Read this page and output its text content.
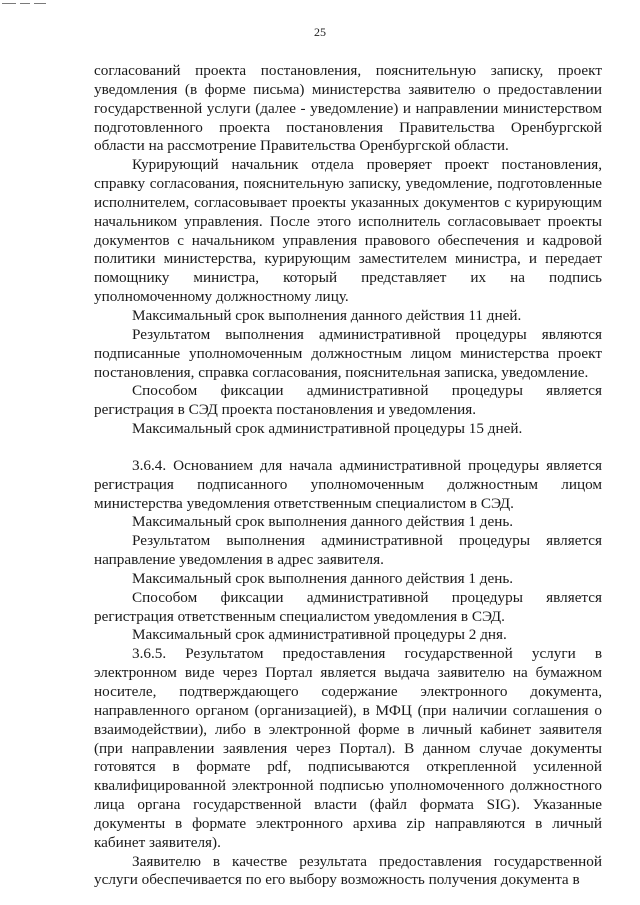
25

согласований проекта постановления, пояснительную записку, проект уведомления (в форме письма) министерства заявителю о предоставлении государственной услуги (далее - уведомление) и направлении министерством подготовленного проекта постановления Правительства Оренбургской области на рассмотрение Правительства Оренбургской области.

Курирующий начальник отдела проверяет проект постановления, справку согласования, пояснительную записку, уведомление, подготовленные исполнителем, согласовывает проекты указанных документов с курирующим начальником управления. После этого исполнитель согласовывает проекты документов с начальником управления правового обеспечения и кадровой политики министерства, курирующим заместителем министра, и передает помощнику министра, который представляет их на подпись уполномоченному должностному лицу.

Максимальный срок выполнения данного действия 11 дней.

Результатом выполнения административной процедуры являются подписанные уполномоченным должностным лицом министерства проект постановления, справка согласования, пояснительная записка, уведомление.

Способом фиксации административной процедуры является регистрация в СЭД проекта постановления и уведомления.

Максимальный срок административной процедуры 15 дней.

3.6.4. Основанием для начала административной процедуры является регистрация подписанного уполномоченным должностным лицом министерства уведомления ответственным специалистом в СЭД.

Максимальный срок выполнения данного действия 1 день.

Результатом выполнения административной процедуры является направление уведомления в адрес заявителя.

Максимальный срок выполнения данного действия 1 день.

Способом фиксации административной процедуры является регистрация ответственным специалистом уведомления в СЭД.

Максимальный срок административной процедуры 2 дня.

3.6.5. Результатом предоставления государственной услуги в электронном виде через Портал является выдача заявителю на бумажном носителе, подтверждающего содержание электронного документа, направленного органом (организацией), в МФЦ (при наличии соглашения о взаимодействии), либо в электронной форме в личный кабинет заявителя (при направлении заявления через Портал). В данном случае документы готовятся в формате pdf, подписываются открепленной усиленной квалифицированной электронной подписью уполномоченного должностного лица органа государственной власти (файл формата SIG). Указанные документы в формате электронного архива zip направляются в личный кабинет заявителя).

Заявителю в качестве результата предоставления государственной услуги обеспечивается по его выбору возможность получения документа в
